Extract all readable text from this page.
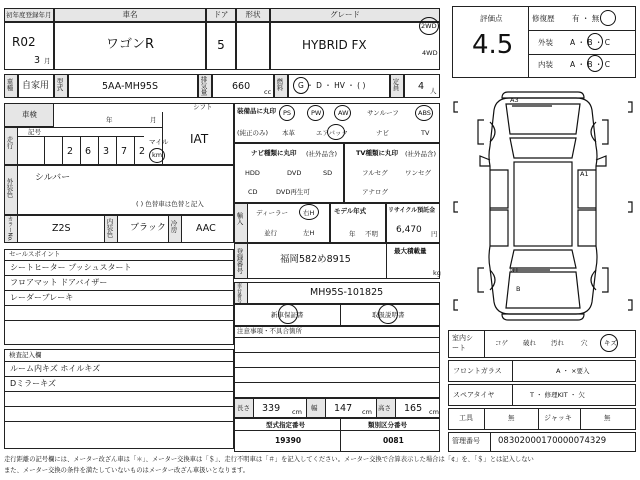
初年度登録年月
R02
3 月
車名
ワゴンR
ドア
5
形状	グレード
HYBRID FX
2WD
4WD
車種 自家用 型式	5AA-MH95S	排気量	660 cc
燃料 G ・ D ・ HV ・ ( )	定員 4 人
評価点
4.5
修復歴 有 ・ 無
外装 A ・ B ・ C
内装 A ・ B ・ C
車検
年	月
シフト
走行
記号
2 6 3 7 2
マイル
km
IAT
装備品に丸印
(純正のみ)
PS	PW	AW	サンルーフ	ABS
本革	エアバック	ナビ	TV
ナビ種類に丸印 (社外品含)
HDD	DVD	SD
CD	DVD再生可
TV種類に丸印 (社外品含)
フルセグ	ワンセグ
アナログ
外装色 シルバー
( ) 色替車は色替と記入
カラーNo.	Z2S	内装色 ブラック 冷房 AAC
輸入 ディーラー 右H
並行	左H
モデル年式
年 不明
リサイクル預託金
6,470 円
セールスポイント
シートヒーター プッシュスタート
フロアマット ドアバイザー
レーダーブレーキ
検査記入欄
ルーム内キズ ホイルキズ
Dミラーキズ
登録番号	福岡582め8915
最大積載量
kg
車台番号	MH95S-101825
新車保証書	取扱説明書
注意事項・不具合箇所
長さ 339 cm 幅 147 cm 高さ 165 cm
型式指定番号
19390
類別区分番号
0081
A3
A1
U1
B
室内シート
コゲ 破れ 汚れ	穴	キズ
フロントガラス	A ・ ×要入
スペアタイヤ	T ・ 修理KIT ・ 欠
工具	無	ジャッキ	無
管理番号 08302000170000074329
走行距離の記号欄には、メーター改ざん車は「＊」、メーター交換車は「＄」、走行不明車は「＃」を記入してください。メーター交換で合算表示した場合は「¢」を、「＄」とは記入しない
また、メーター交換の条件を満たしていないものはメーター改ざん車扱いとなります。
